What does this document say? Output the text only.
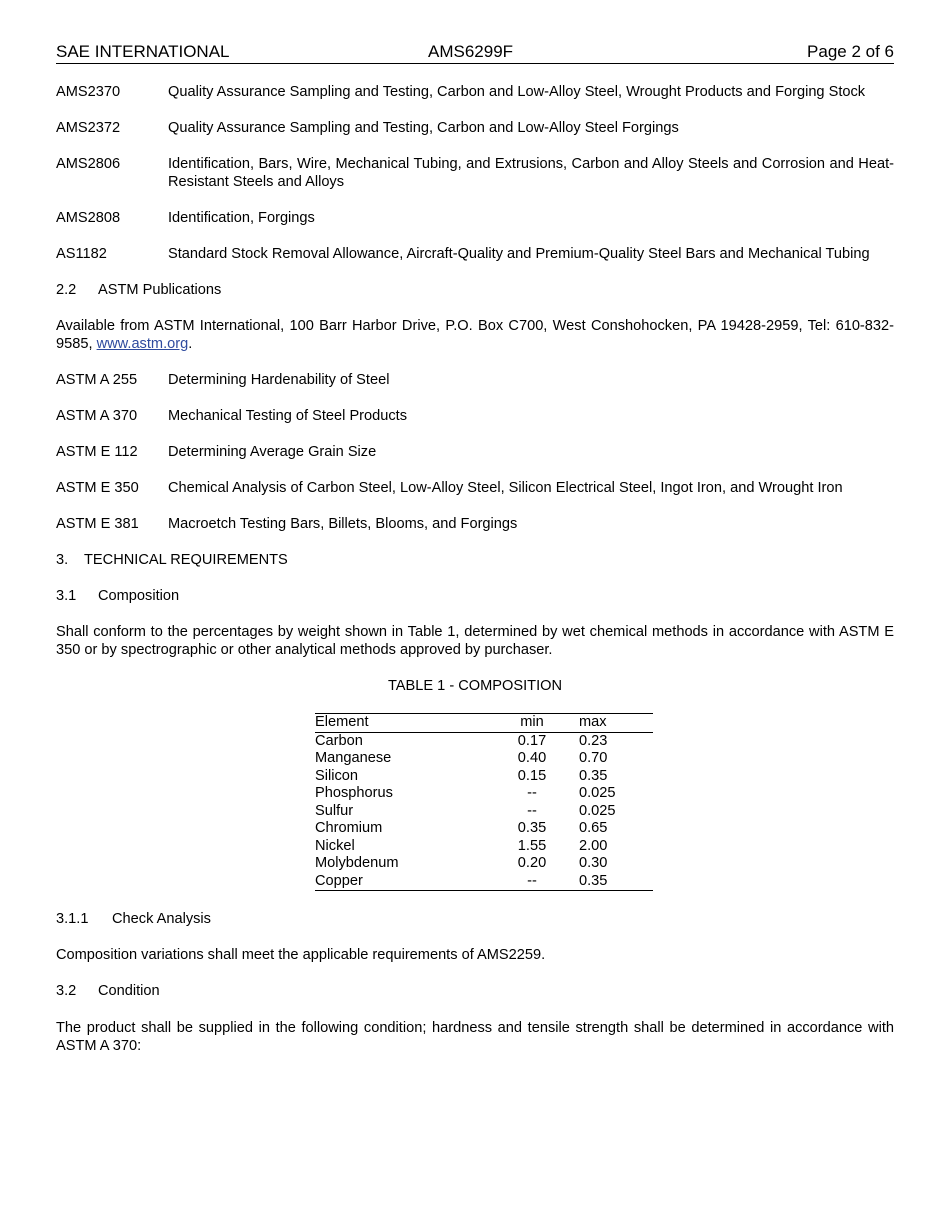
SAE INTERNATIONAL	AMS6299F	Page 2 of 6
AMS2370	Quality Assurance Sampling and Testing, Carbon and Low-Alloy Steel, Wrought Products and Forging Stock
AMS2372	Quality Assurance Sampling and Testing, Carbon and Low-Alloy Steel Forgings
AMS2806	Identification, Bars, Wire, Mechanical Tubing, and Extrusions, Carbon and Alloy Steels and Corrosion and Heat-Resistant Steels and Alloys
AMS2808	Identification, Forgings
AS1182	Standard Stock Removal Allowance, Aircraft-Quality and Premium-Quality Steel Bars and Mechanical Tubing
2.2 ASTM Publications
Available from ASTM International, 100 Barr Harbor Drive, P.O. Box C700, West Conshohocken, PA 19428-2959, Tel: 610-832-9585, www.astm.org.
ASTM A 255	Determining Hardenability of Steel
ASTM A 370	Mechanical Testing of Steel Products
ASTM E 112	Determining Average Grain Size
ASTM E 350	Chemical Analysis of Carbon Steel, Low-Alloy Steel, Silicon Electrical Steel, Ingot Iron, and Wrought Iron
ASTM E 381	Macroetch Testing Bars, Billets, Blooms, and Forgings
3. TECHNICAL REQUIREMENTS
3.1 Composition
Shall conform to the percentages by weight shown in Table 1, determined by wet chemical methods in accordance with ASTM E 350 or by spectrographic or other analytical methods approved by purchaser.
TABLE 1 - COMPOSITION
Element	min	max
Carbon	0.17	0.23
Manganese	0.40	0.70
Silicon	0.15	0.35
Phosphorus	--	0.025
Sulfur	--	0.025
Chromium	0.35	0.65
Nickel	1.55	2.00
Molybdenum	0.20	0.30
Copper	--	0.35
3.1.1 Check Analysis
Composition variations shall meet the applicable requirements of AMS2259.
3.2 Condition
The product shall be supplied in the following condition; hardness and tensile strength shall be determined in accordance with ASTM A 370:
